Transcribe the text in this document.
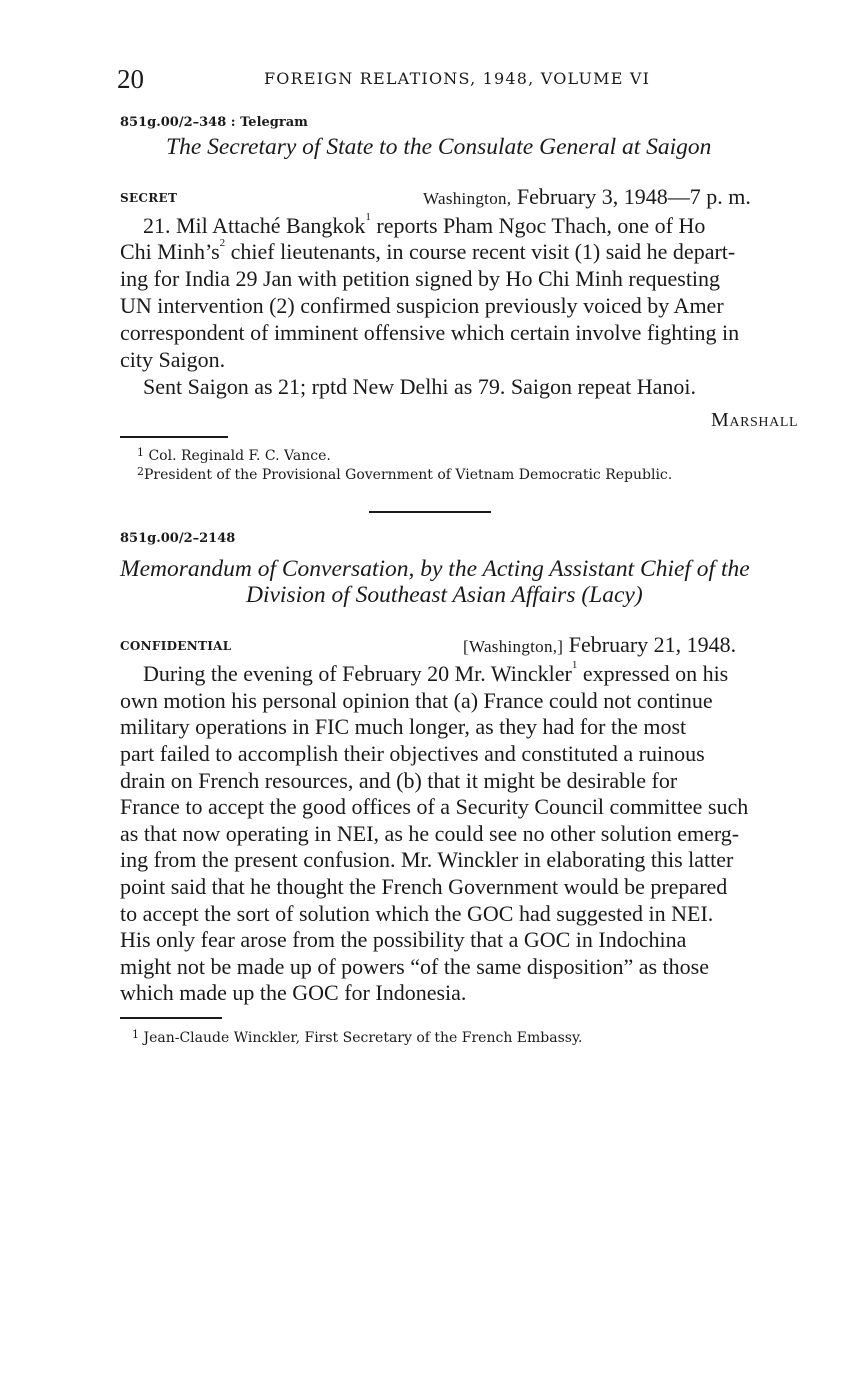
20	FOREIGN RELATIONS, 1948, VOLUME VI
851g.00/2–348 : Telegram
The Secretary of State to the Consulate General at Saigon
SECRET	Washington, February 3, 1948—7 p. m.
21. Mil Attaché Bangkok$^1$ reports Pham Ngoc Thach, one of Ho
Chi $Minh’s^2$ chief lieutenants, in course recent visit (1) said he depart-
ing for India 29 Jan with petition signed by Ho Chi Minh requesting
UN intervention (2) confirmed suspicion previously voiced by Amer
correspondent of imminent offensive which certain involve fighting in
city Saigon.
Sent Saigon as 21; rptd New Delhi as 79. Saigon repeat Hanoi.
Marshall
$^1$ Col. Reginald F. C. Vance.
$^2$President of the Provisional Government of Vietnam Democratic Republic.
851g.00/2–2148
Memorandum of Conversation, by the Acting Assistant Chief of the
Division of Southeast Asian Affairs (Lacy)
CONFIDENTIAL	[Washington,] February 21, 1948.
During the evening of February 20 Mr. Winckler$^1$ expressed on his
own motion his personal opinion that (a) France could not continue
military operations in FIC much longer, as they had for the most
part failed to accomplish their objectives and constituted a ruinous
drain on French resources, and (b) that it might be desirable for
France to accept the good offices of a Security Council committee such
as that now operating in NEI, as he could see no other solution emerg-
ing from the present confusion. Mr. Winckler in elaborating this latter
point said that he thought the French Government would be prepared
to accept the sort of solution which the GOC had suggested in NEI.
His only fear arose from the possibility that a GOC in Indochina
might not be made up of powers “of the same disposition” as those
which made up the GOC for Indonesia.
$^1$ Jean-Claude Winckler, First Secretary of the French Embassy.
